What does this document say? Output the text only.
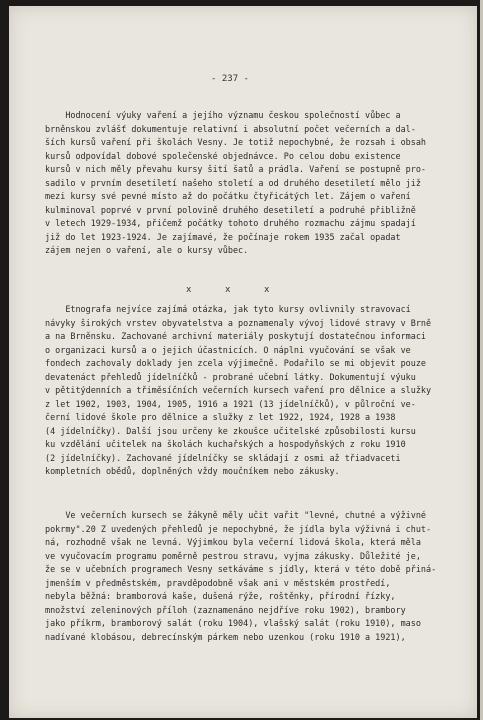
- 237 -
Hodnocení výuky vaření a jejího významu českou společností vůbec a
brněnskou zvlášť dokumentuje relativní i absolutní počet večerních a dal-
ších kursů vaření při školách Vesny. Je totiž nepochybné, že rozsah i obsah
kursů odpovídal dobové společenské objednávce. Po celou dobu existence
kursů v nich měly převahu kursy šití šatů a prádla. Vaření se postupně pro-
sadilo v prvním desetiletí našeho století a od druhého desetiletí mělo již
mezi kursy své pevné místo až do počátku čtyřicátých let. Zájem o vaření
kulminoval poprvé v první polovině druhého desetiletí a podruhé přibližně
v letech 1929-1934, přičemž počátky tohoto druhého rozmachu zájmu spadají
již do let 1923-1924. Je zajímavé, že počínaje rokem 1935 začal opadat
zájem nejen o vaření, ale o kursy vůbec.
x	x	x
Etnografa nejvíce zajímá otázka, jak tyto kursy ovlivnily stravovací
návyky širokých vrstev obyvatelstva a poznamenaly vývoj lidové stravy v Brně
a na Brněnsku. Zachované archivní materiály poskytují dostatečnou informaci
o organizaci kursů a o jejich účastnicích. O náplni vyučování se však ve
fondech zachovaly doklady jen zcela výjimečně. Podařilo se mi objevit pouze
devatenáct přehledů jídelníčků - probrané učební látky. Dokumentují výuku
v pětitýdenních a třiměsíčních večerních kursech vaření pro dělnice a služky
z let 1902, 1903, 1904, 1905, 1916 a 1921 (13 jídelníčků), v půlroční ve-
černí lidové škole pro dělnice a služky z let 1922, 1924, 1928 a 1938
(4 jídelníčky). Další jsou určeny ke zkoušce učitelské způsobilosti kursu
ku vzdělání učitelek na školách kuchařských a hospodyňských z roku 1910
(2 jídelníčky). Zachované jídelníčky se skládají z osmi až třiadvaceti
kompletních obědů, doplněných vždy moučníkem nebo zákusky.
Ve večerních kursech se žákyně měly učit vařit "levné, chutné a výživné
pokrmy".20 Z uvedených přehledů je nepochybné, že jídla byla výživná i chut-
ná, rozhodně však ne levná. Výjimkou byla večerní lidová škola, která měla
ve vyučovacím programu poměrně pestrou stravu, vyjma zákusky. Důležité je,
že se v učebních programech Vesny setkáváme s jídly, která v této době přiná-
jmenším v předměstském, pravděpodobně však ani v městském prostředí,
nebyla běžná: bramborová kaše, dušená rýže, roštěnky, přírodní řízky,
množství zeleninových příloh (zaznamenáno nejdříve roku 1902), brambory
jako příkrm, bramborový salát (roku 1904), vlašský salát (roku 1910), maso
nadívané klobásou, debrecínským párkem nebo uzenkou (roku 1910 a 1921),
